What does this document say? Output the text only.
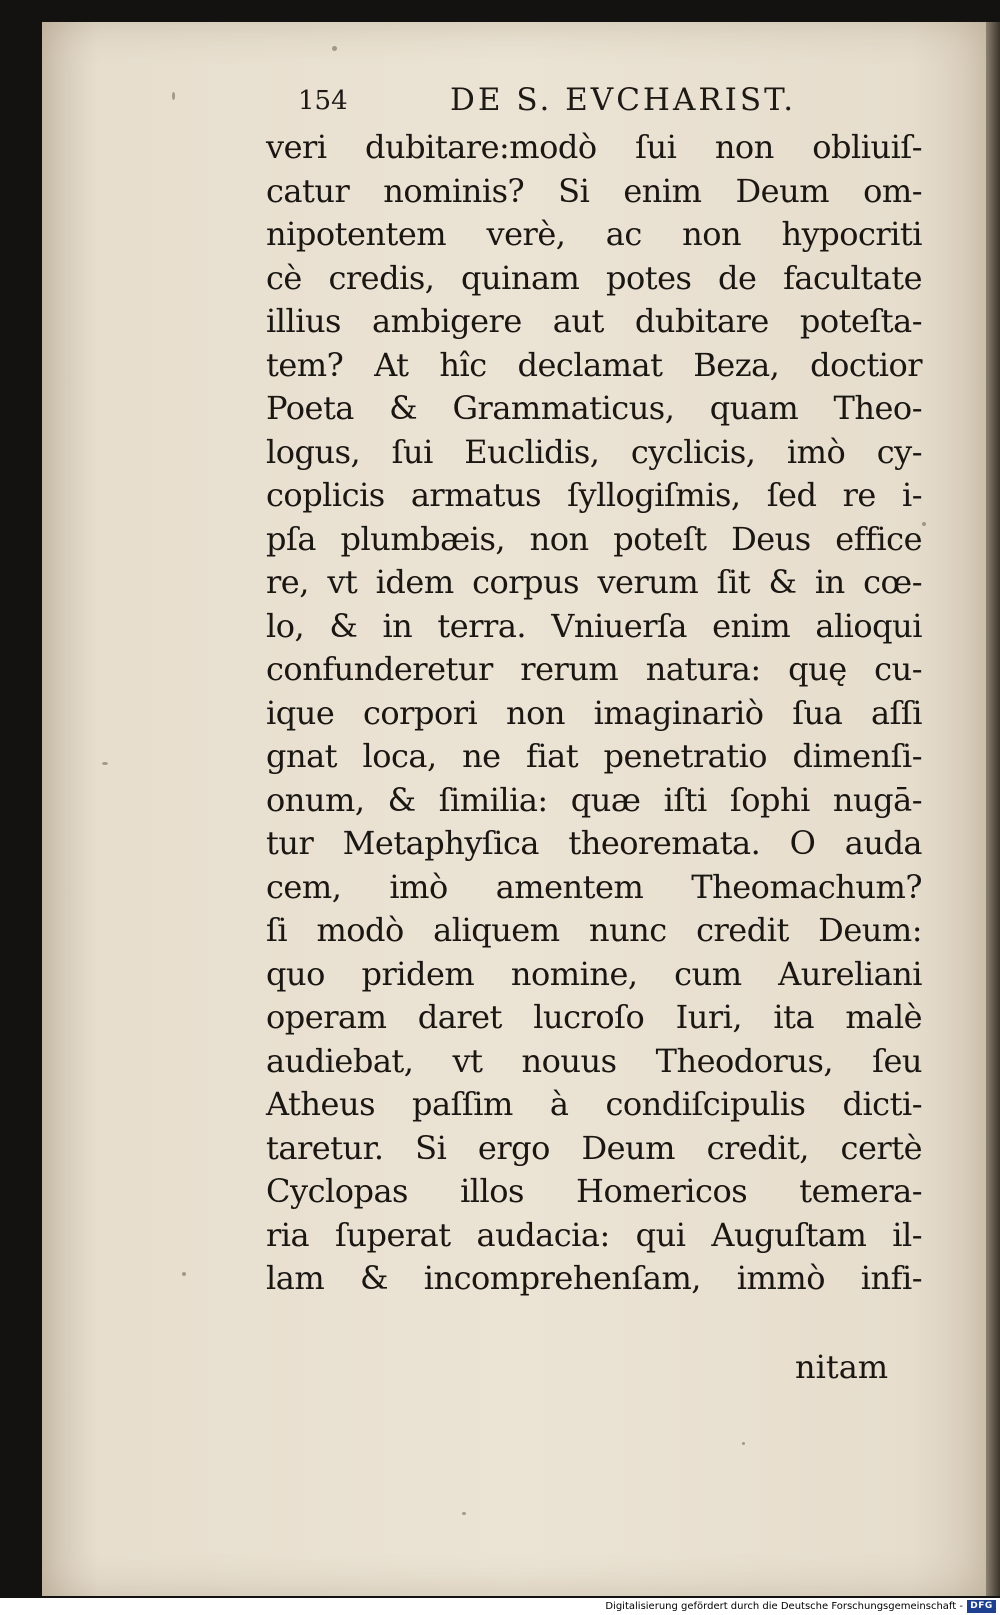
154	DE S. EVCHARIST.
veri dubitare:modò ſui non obliuiſ-
catur nominis? Si enim Deum om-
nipotentem verè, ac non hypocriti
cè credis, quinam potes de facultate
illius ambigere aut dubitare poteſta-
tem? At hîc declamat Beza, doctior
Poeta & Grammaticus, quam Theo-
logus, ſui Euclidis, cyclicis, imò cy-
coplicis armatus ſyllogiſmis, ſed re i-
pſa plumbæis, non poteſt Deus effice
re, vt idem corpus verum ſit & in cœ-
lo, & in terra. Vniuerſa enim alioqui
confunderetur rerum natura: quę cu-
ique corpori non imaginariò ſua aſſi
gnat loca, ne fiat penetratio dimenſi-
onum, & ſimilia: quæ iſti ſophi nugā-
tur Metaphyſica theoremata. O auda
cem, imò amentem Theomachum?
ſi modò aliquem nunc credit Deum:
quo pridem nomine, cum Aureliani
operam daret lucroſo Iuri, ita malè
audiebat, vt nouus Theodorus, ſeu
Atheus paſſim à condiſcipulis dicti-
taretur. Si ergo Deum credit, certè
Cyclopas illos Homericos temera-
ria ſuperat audacia: qui Auguſtam il-
lam & incomprehenſam, immò infi-
nitam
Digitalisierung gefördert durch die Deutsche Forschungsgemeinschaft - DFG
